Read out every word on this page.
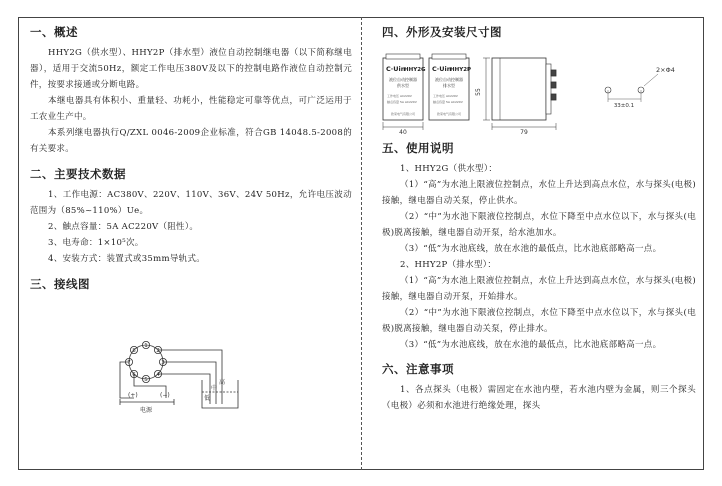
一、概述

HHY2G（供水型）、HHY2P（排水型）液位自动控制继电器（以下简称继电器），适用于交流50Hz，额定工作电压380V及以下的控制电路作液位自动控制元件，按要求接通或分断电路。

本继电器具有体积小、重量轻、功耗小，性能稳定可靠等优点，可广泛运用于工农业生产中。

本系列继电器执行Q/ZXL 0046-2009企业标准，符合GB 14048.5-2008的有关要求。

二、主要技术数据

1、工作电源：AC380V、220V、110V、36V、24V 50Hz，允许电压波动范围为（85%~110%）Ue。

2、触点容量：5A AC220V（阻性）。

3、电寿命：1×10⁵次。

4、安装方式：装置式或35mm导轨式。

三、接线图
1
2
3
4
5
6
7
8
(+)	(−)
电源
高
中
低
四、外形及安装尺寸图
C·Uin
HHY2G
液位自动控制器
供水型
工作电压 AC220V
触点容量 5A AC220V
欣荣电气有限公司
C·Uin
HHY2P
液位自动控制器
排水型
工作电压 AC220V
触点容量 5A AC220V
欣荣电气有限公司
40
55
79
2×Φ4
33±0.1
五、使用说明

1、HHY2G（供水型）：

（1）“高”为水池上限液位控制点，水位上升达到高点水位，水与探头(电极)接触，继电器自动关泵，停止供水。

（2）“中”为水池下限液位控制点，水位下降至中点水位以下，水与探头(电极)脱离接触，继电器自动开泵，给水池加水。

（3）“低”为水池底线，放在水池的最低点，比水池底部略高一点。

2、HHY2P（排水型）：

（1）“高”为水池上限液位控制点，水位上升达到高点水位，水与探头(电极)接触，继电器自动开泵，开始排水。

（2）“中”为水池下限液位控制点，水位下降至中点水位以下，水与探头(电极)脱离接触，继电器自动关泵，停止排水。

（3）“低”为水池底线，放在水池的最低点，比水池底部略高一点。

六、注意事项

1、各点探头（电极）需固定在水池内壁，若水池内壁为金属，则三个探头（电极）必须和水池进行绝缘处理，探头
